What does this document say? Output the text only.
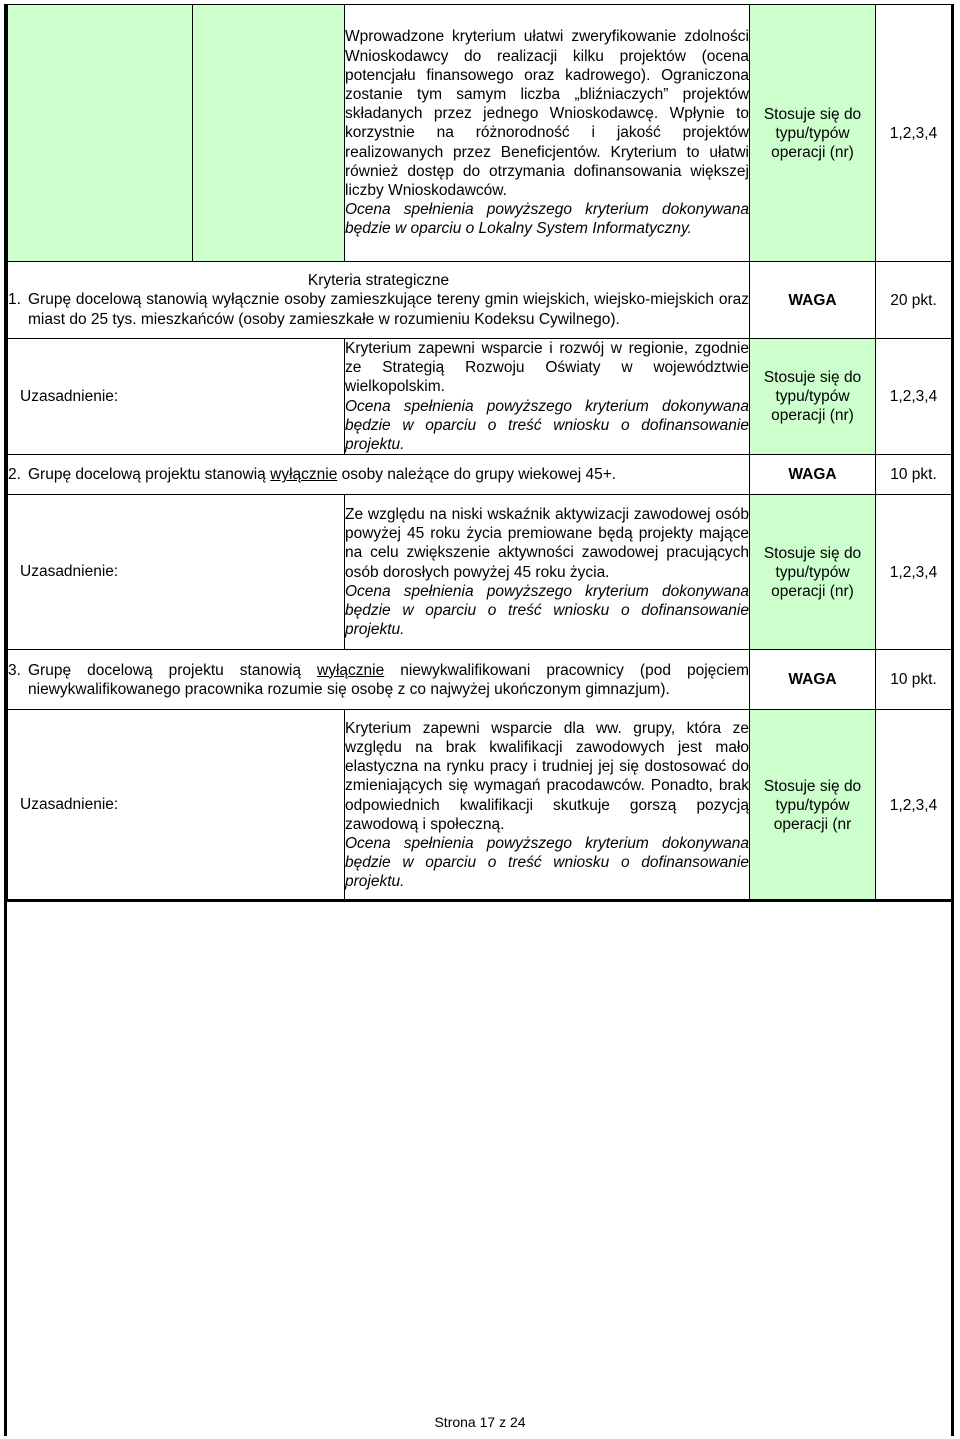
		Wprowadzone kryterium ułatwi zweryfikowanie zdolności Wnioskodawcy do realizacji kilku projektów (ocena potencjału finansowego oraz kadrowego). Ograniczona zostanie tym samym liczba „bliźniaczych” projektów składanych przez jednego Wnioskodawcę. Wpłynie to korzystnie na różnorodność i jakość projektów realizowanych przez Beneficjentów. Kryterium to ułatwi również dostęp do otrzymania dofinansowania większej liczby Wnioskodawców.

Ocena spełnienia powyższego kryterium dokonywana będzie w oparciu o Lokalny System Informatyczny.	Stosuje się do typu/typów operacji (nr)	1,2,3,4

Kryteria strategiczne
1. Grupę docelową stanowią wyłącznie osoby zamieszkujące tereny gmin wiejskich, wiejsko-miejskich oraz miast do 25 tys. mieszkańców (osoby zamieszkałe w rozumieniu Kodeksu Cywilnego).			WAGA	20 pkt.

Uzasadnienie:		Kryterium zapewni wsparcie i rozwój w regionie, zgodnie ze Strategią Rozwoju Oświaty w województwie wielkopolskim.

Ocena spełnienia powyższego kryterium dokonywana będzie w oparciu o treść wniosku o dofinansowanie projektu.	Stosuje się do typu/typów operacji (nr)	1,2,3,4

2. Grupę docelową projektu stanowią wyłącznie osoby należące do grupy wiekowej 45+.			WAGA	10 pkt.

Uzasadnienie:		Ze względu na niski wskaźnik aktywizacji zawodowej osób powyżej 45 roku życia premiowane będą projekty mające na celu zwiększenie aktywności zawodowej pracujących osób dorosłych powyżej 45 roku życia.

Ocena spełnienia powyższego kryterium dokonywana będzie w oparciu o treść wniosku o dofinansowanie projektu.	Stosuje się do typu/typów operacji (nr)	1,2,3,4

3. Grupę docelową projektu stanowią wyłącznie niewykwalifikowani pracownicy (pod pojęciem niewykwalifikowanego pracownika rozumie się osobę z co najwyżej ukończonym gimnazjum).			WAGA	10 pkt.

Uzasadnienie:		Kryterium zapewni wsparcie dla ww. grupy, która ze względu na brak kwalifikacji zawodowych jest mało elastyczna na rynku pracy i trudniej jej się dostosować do zmieniających się wymagań pracodawców. Ponadto, brak odpowiednich kwalifikacji skutkuje gorszą pozycją zawodową i społeczną.

Ocena spełnienia powyższego kryterium dokonywana będzie w oparciu o treść wniosku o dofinansowanie projektu.	Stosuje się do typu/typów operacji (nr	1,2,3,4
Strona 17 z 24
